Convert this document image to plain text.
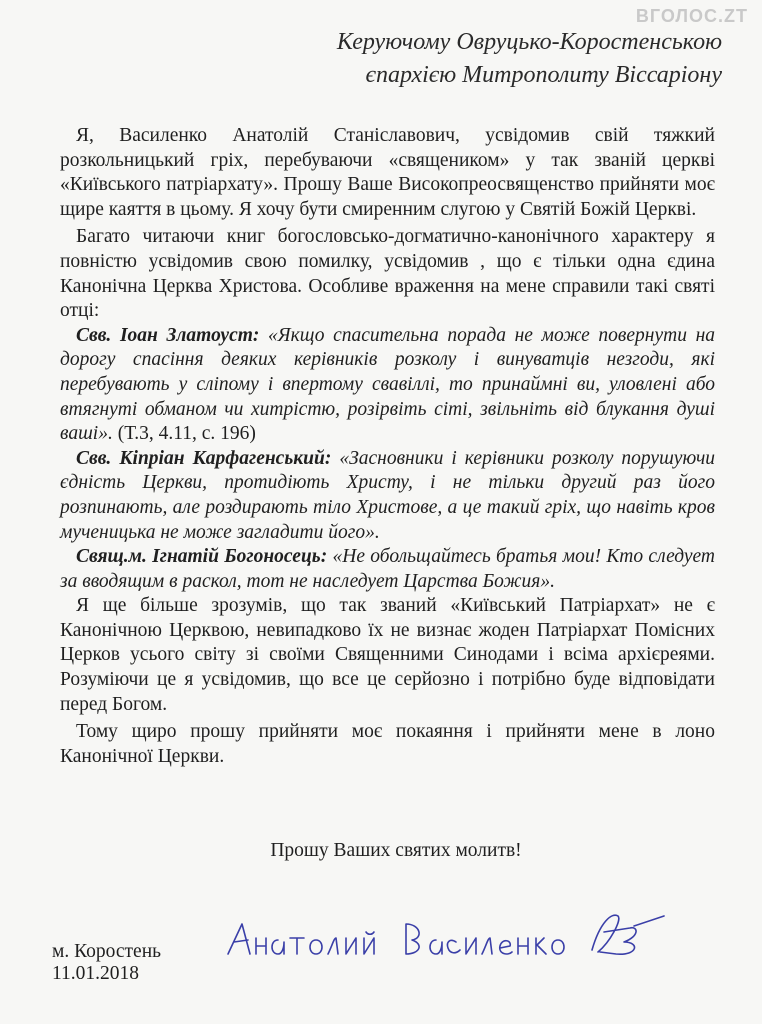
ВГОЛОС.ZT
Керуючому Овруцько-Коростенською
єпархією Митрополиту Віссаріону

Я, Василенко Анатолій Станіславович, усвідомив свій тяжкий розкольницький гріх, перебуваючи «священиком» у так званій церкві «Київського патріархату». Прошу Ваше Високопреосвященство прийняти моє щире каяття в цьому. Я хочу бути смиренним слугою у Святій Божій Церкві.

Багато читаючи книг богословсько-догматично-канонічного характеру я повністю усвідомив свою помилку, усвідомив , що є тільки одна єдина Канонічна Церква Христова. Особливе враження на мене справили такі святі отці:

Свв. Іоан Златоуст: «Якщо спасительна порада не може повернути на дорогу спасіння деяких керівників розколу і винуватців незгоди, які перебувають у сліпому і впертому свавіллі, то принаймні ви, уловлені або втягнуті обманом чи хитрістю, розірвіть сіті, звільніть від блукання душі ваші». (Т.3, 4.11, с. 196)

Свв. Кіпріан Карфагенський: «Засновники і керівники розколу порушуючи єдність Церкви, протидіють Христу, і не тільки другий раз його розпинають, але роздирають тіло Христове, а це такий гріх, що навіть кров мученицька не може загладити його».

Свящ.м. Ігнатій Богоносець: «Не обольщайтесь братья мои! Кто следует за вводящим в раскол, тот не наследует Царства Божия».

Я ще більше зрозумів, що так званий «Київський Патріархат» не є Канонічною Церквою, невипадково їх не визнає жоден Патріархат Помісних Церков усього світу зі своїми Священними Синодами і всіма архієреями. Розуміючи це я усвідомив, що все це серйозно і потрібно буде відповідати перед Богом.

Тому щиро прошу прийняти моє покаяння і прийняти мене в лоно Канонічної Церкви.

Прошу Ваших святих молитв!
м. Коростень
11.01.2018
